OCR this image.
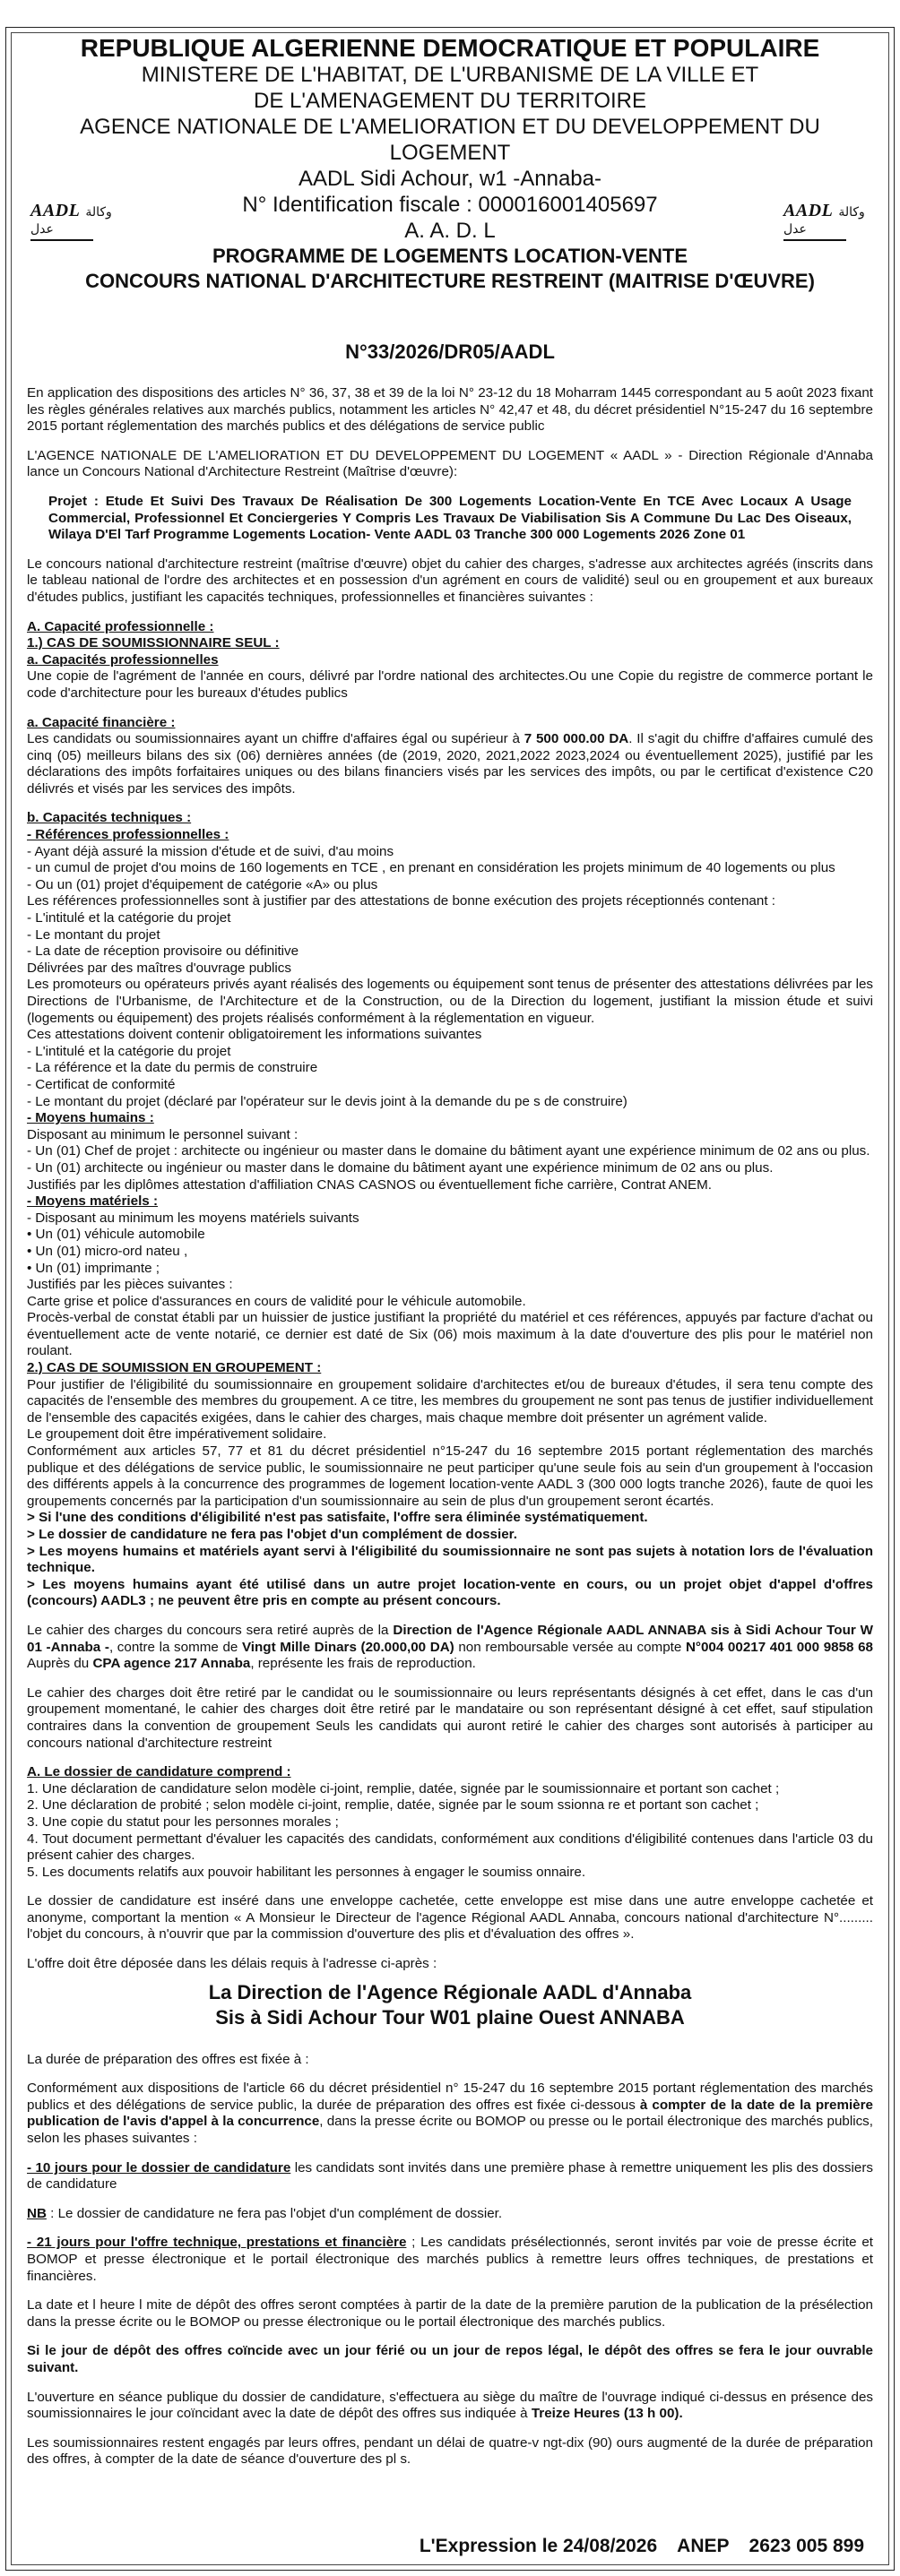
AADL وكالة عدل
AADL وكالة عدل
REPUBLIQUE ALGERIENNE DEMOCRATIQUE ET POPULAIRE
MINISTERE DE L'HABITAT, DE L'URBANISME DE LA VILLE ET
DE L'AMENAGEMENT DU TERRITOIRE
AGENCE NATIONALE DE L'AMELIORATION ET DU DEVELOPPEMENT DU LOGEMENT
AADL Sidi Achour, w1 -Annaba-
N° Identification fiscale : 000016001405697
A. A. D. L
PROGRAMME DE LOGEMENTS LOCATION-VENTE
CONCOURS NATIONAL D'ARCHITECTURE RESTREINT (MAITRISE D'ŒUVRE)
N°33/2026/DR05/AADL

En application des dispositions des articles N° 36, 37, 38 et 39 de la loi N° 23-12 du 18 Moharram 1445 correspondant au 5 août 2023 fixant les règles générales relatives aux marchés publics, notamment les articles N° 42,47 et 48, du décret présidentiel N°15-247 du 16 septembre 2015 portant réglementation des marchés publics et des délégations de service public

L'AGENCE NATIONALE DE L'AMELIORATION ET DU DEVELOPPEMENT DU LOGEMENT « AADL » - Direction Régionale d'Annaba lance un Concours National d'Architecture Restreint (Maîtrise d'œuvre):

Projet : Etude Et Suivi Des Travaux De Réalisation De 300 Logements Location-Vente En TCE Avec Locaux A Usage Commercial, Professionnel Et Conciergeries Y Compris Les Travaux De Viabilisation Sis A Commune Du Lac Des Oiseaux, Wilaya D'El Tarf Programme Logements Location- Vente AADL 03 Tranche 300 000 Logements 2026 Zone 01

Le concours national d'architecture restreint (maîtrise d'œuvre) objet du cahier des charges, s'adresse aux architectes agréés (inscrits dans le tableau national de l'ordre des architectes et en possession d'un agrément en cours de validité) seul ou en groupement et aux bureaux d'études publics, justifiant les capacités techniques, professionnelles et financières suivantes :

A. Capacité professionnelle :

1.) CAS DE SOUMISSIONNAIRE SEUL :

a. Capacités professionnelles

Une copie de l'agrément de l'année en cours, délivré par l'ordre national des architectes.Ou une Copie du registre de commerce portant le code d'architecture pour les bureaux d'études publics

a. Capacité financière :

Les candidats ou soumissionnaires ayant un chiffre d'affaires égal ou supérieur à 7 500 000.00 DA. Il s'agit du chiffre d'affaires cumulé des cinq (05) meilleurs bilans des six (06) dernières années (de (2019, 2020, 2021,2022 2023,2024 ou éventuellement 2025), justifié par les déclarations des impôts forfaitaires uniques ou des bilans financiers visés par les services des impôts, ou par le certificat d'existence C20 délivrés et visés par les services des impôts.

b. Capacités techniques :

- Références professionnelles :

- Ayant déjà assuré la mission d'étude et de suivi, d'au moins

- un cumul de projet d'ou moins de 160 logements en TCE , en prenant en considération les projets minimum de 40 logements ou plus

- Ou un (01) projet d'équipement de catégorie «A» ou plus

Les références professionnelles sont à justifier par des attestations de bonne exécution des projets réceptionnés contenant :

- L'intitulé et la catégorie du projet

- Le montant du projet

- La date de réception provisoire ou définitive

Délivrées par des maîtres d'ouvrage publics

Les promoteurs ou opérateurs privés ayant réalisés des logements ou équipement sont tenus de présenter des attestations délivrées par les Directions de l'Urbanisme, de l'Architecture et de la Construction, ou de la Direction du logement, justifiant la mission étude et suivi (logements ou équipement) des projets réalisés conformément à la réglementation en vigueur.

Ces attestations doivent contenir obligatoirement les informations suivantes

- L'intitulé et la catégorie du projet

- La référence et la date du permis de construire

- Certificat de conformité

- Le montant du projet (déclaré par l'opérateur sur le devis joint à la demande du pe s de construire)

- Moyens humains :

Disposant au minimum le personnel suivant :

- Un (01) Chef de projet : architecte ou ingénieur ou master dans le domaine du bâtiment ayant une expérience minimum de 02 ans ou plus.

- Un (01) architecte ou ingénieur ou master dans le domaine du bâtiment ayant une expérience minimum de 02 ans ou plus.

Justifiés par les diplômes attestation d'affiliation CNAS CASNOS ou éventuellement fiche carrière, Contrat ANEM.

- Moyens matériels :

- Disposant au minimum les moyens matériels suivants

• Un (01) véhicule automobile

• Un (01) micro-ord nateu ,

• Un (01) imprimante ;

Justifiés par les pièces suivantes :

Carte grise et police d'assurances en cours de validité pour le véhicule automobile.

Procès-verbal de constat établi par un huissier de justice justifiant la propriété du matériel et ces références, appuyés par facture d'achat ou éventuellement acte de vente notarié, ce dernier est daté de Six (06) mois maximum à la date d'ouverture des plis pour le matériel non roulant.

2.) CAS DE SOUMISSION EN GROUPEMENT :

Pour justifier de l'éligibilité du soumissionnaire en groupement solidaire d'architectes et/ou de bureaux d'études, il sera tenu compte des capacités de l'ensemble des membres du groupement. A ce titre, les membres du groupement ne sont pas tenus de justifier individuellement de l'ensemble des capacités exigées, dans le cahier des charges, mais chaque membre doit présenter un agrément valide.

Le groupement doit être impérativement solidaire.

Conformément aux articles 57, 77 et 81 du décret présidentiel n°15-247 du 16 septembre 2015 portant réglementation des marchés publique et des délégations de service public, le soumissionnaire ne peut participer qu'une seule fois au sein d'un groupement à l'occasion des différents appels à la concurrence des programmes de logement location-vente AADL 3 (300 000 logts tranche 2026), faute de quoi les groupements concernés par la participation d'un soumissionnaire au sein de plus d'un groupement seront écartés.

> Si l'une des conditions d'éligibilité n'est pas satisfaite, l'offre sera éliminée systématiquement.

> Le dossier de candidature ne fera pas l'objet d'un complément de dossier.

> Les moyens humains et matériels ayant servi à l'éligibilité du soumissionnaire ne sont pas sujets à notation lors de l'évaluation technique.

> Les moyens humains ayant été utilisé dans un autre projet location-vente en cours, ou un projet objet d'appel d'offres (concours) AADL3 ; ne peuvent être pris en compte au présent concours.

Le cahier des charges du concours sera retiré auprès de la Direction de l'Agence Régionale AADL ANNABA sis à Sidi Achour Tour W 01 -Annaba -, contre la somme de Vingt Mille Dinars (20.000,00 DA) non remboursable versée au compte N°004 00217 401 000 9858 68 Auprès du CPA agence 217 Annaba, représente les frais de reproduction.

Le cahier des charges doit être retiré par le candidat ou le soumissionnaire ou leurs représentants désignés à cet effet, dans le cas d'un groupement momentané, le cahier des charges doit être retiré par le mandataire ou son représentant désigné à cet effet, sauf stipulation contraires dans la convention de groupement Seuls les candidats qui auront retiré le cahier des charges sont autorisés à participer au concours national d'architecture restreint

A. Le dossier de candidature comprend :

1. Une déclaration de candidature selon modèle ci-joint, remplie, datée, signée par le soumissionnaire et portant son cachet ;

2. Une déclaration de probité ; selon modèle ci-joint, remplie, datée, signée par le soum ssionna re et portant son cachet ;

3. Une copie du statut pour les personnes morales ;

4. Tout document permettant d'évaluer les capacités des candidats, conformément aux conditions d'éligibilité contenues dans l'article 03 du présent cahier des charges.

5. Les documents relatifs aux pouvoir habilitant les personnes à engager le soumiss onnaire.

Le dossier de candidature est inséré dans une enveloppe cachetée, cette enveloppe est mise dans une autre enveloppe cachetée et anonyme, comportant la mention « A Monsieur le Directeur de l'agence Régional AADL Annaba, concours national d'architecture N°......... l'objet du concours, à n'ouvrir que par la commission d'ouverture des plis et d'évaluation des offres ».

L'offre doit être déposée dans les délais requis à l'adresse ci-après :

La Direction de l'Agence Régionale AADL d'Annaba
Sis à Sidi Achour Tour W01 plaine Ouest ANNABA

La durée de préparation des offres est fixée à :

Conformément aux dispositions de l'article 66 du décret présidentiel n° 15-247 du 16 septembre 2015 portant réglementation des marchés publics et des délégations de service public, la durée de préparation des offres est fixée ci-dessous à compter de la date de la première publication de l'avis d'appel à la concurrence, dans la presse écrite ou BOMOP ou presse ou le portail électronique des marchés publics, selon les phases suivantes :

- 10 jours pour le dossier de candidature les candidats sont invités dans une première phase à remettre uniquement les plis des dossiers de candidature

NB : Le dossier de candidature ne fera pas l'objet d'un complément de dossier.

- 21 jours pour l'offre technique, prestations et financière ; Les candidats présélectionnés, seront invités par voie de presse écrite et BOMOP et presse électronique et le portail électronique des marchés publics à remettre leurs offres techniques, de prestations et financières.

La date et l heure l mite de dépôt des offres seront comptées à partir de la date de la première parution de la publication de la présélection dans la presse écrite ou le BOMOP ou presse électronique ou le portail électronique des marchés publics.

Si le jour de dépôt des offres coïncide avec un jour férié ou un jour de repos légal, le dépôt des offres se fera le jour ouvrable suivant.

L'ouverture en séance publique du dossier de candidature, s'effectuera au siège du maître de l'ouvrage indiqué ci-dessus en présence des soumissionnaires le jour coïncidant avec la date de dépôt des offres sus indiquée à Treize Heures (13 h 00).

Les soumissionnaires restent engagés par leurs offres, pendant un délai de quatre-v ngt-dix (90) ours augmenté de la durée de préparation des offres, à compter de la date de séance d'ouverture des pl s.

L'Expression le 24/08/2026 ANEP 2623 005 899
